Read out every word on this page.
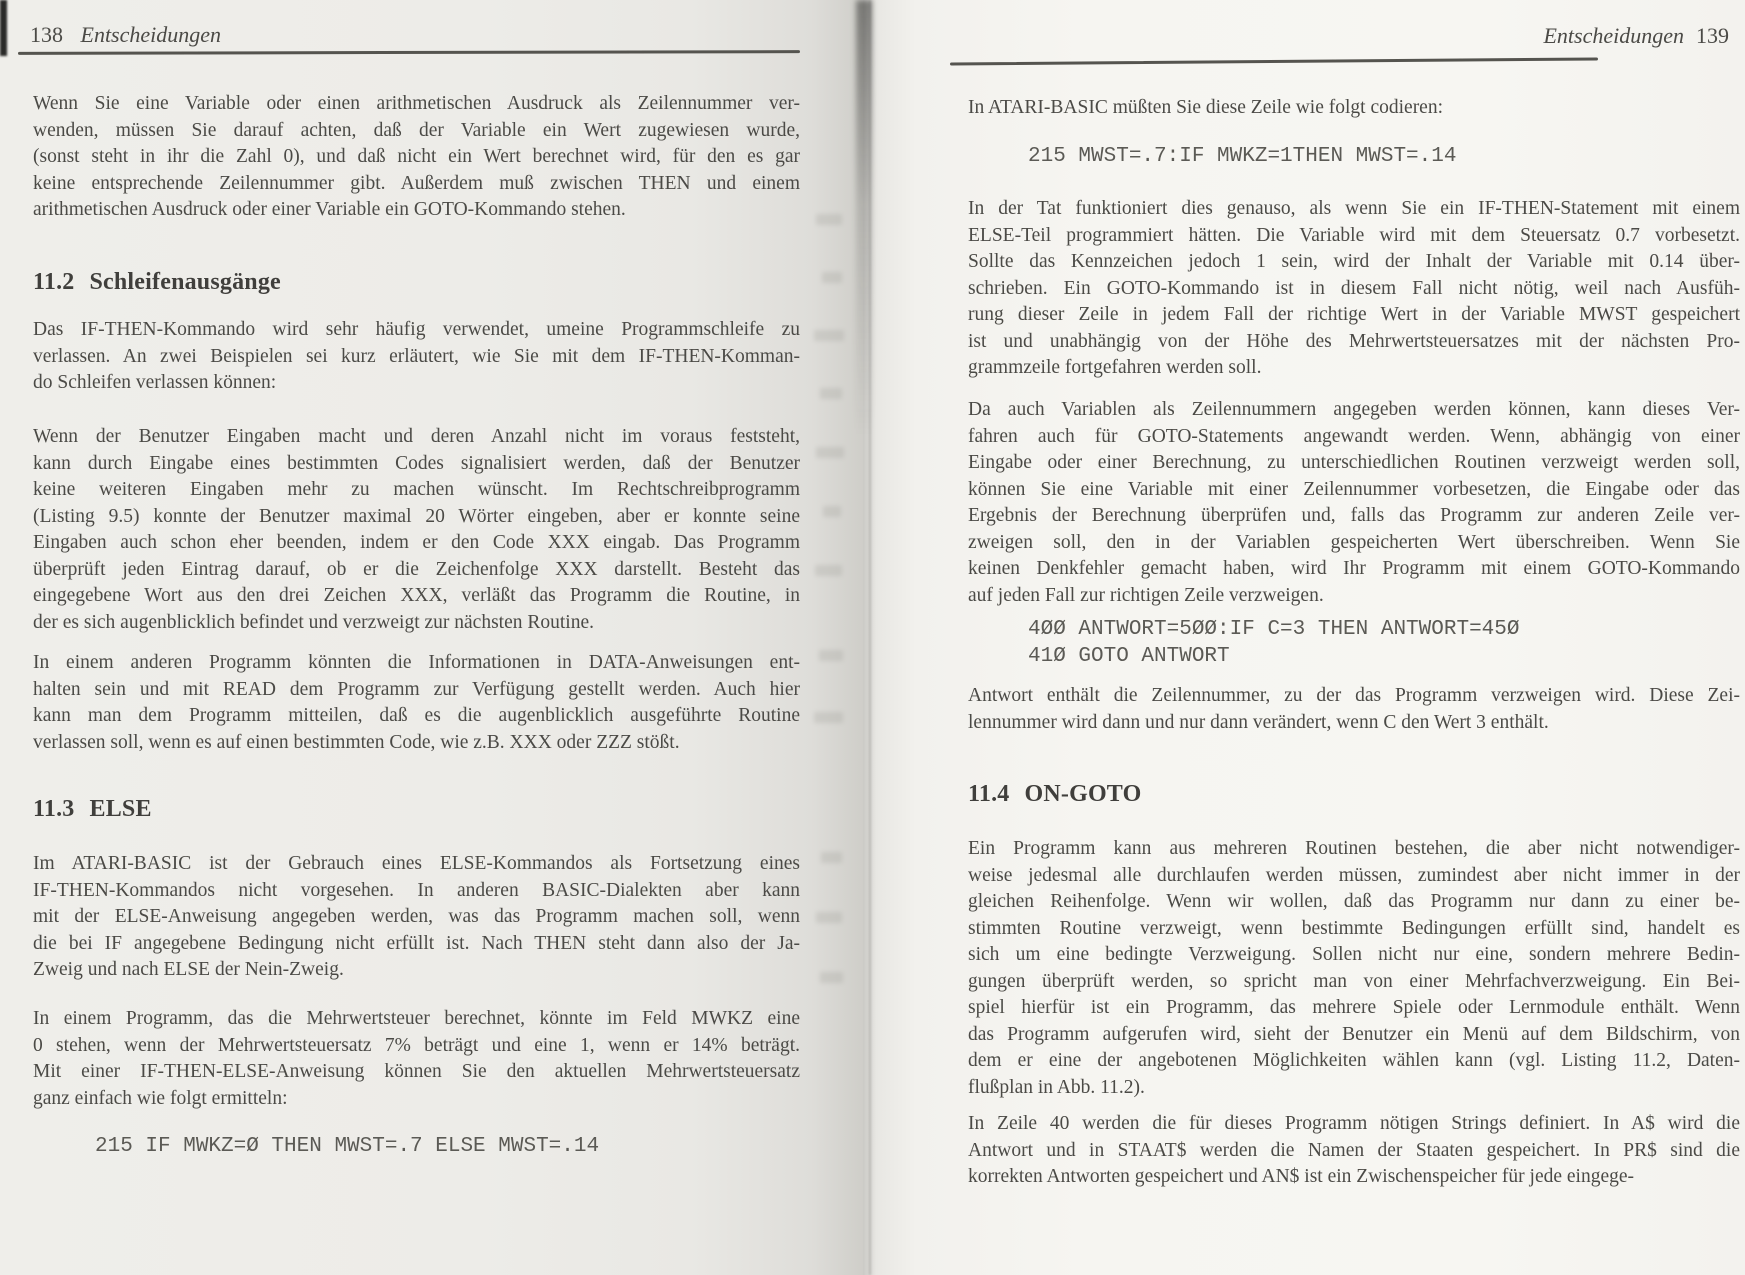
138 Entscheidungen
Wenn Sie eine Variable oder einen arithmetischen Ausdruck als Zeilennummer ver-
wenden, müssen Sie darauf achten, daß der Variable ein Wert zugewiesen wurde,
(sonst steht in ihr die Zahl 0), und daß nicht ein Wert berechnet wird, für den es gar
keine entsprechende Zeilennummer gibt. Außerdem muß zwischen THEN und einem
arithmetischen Ausdruck oder einer Variable ein GOTO-Kommando stehen.
11.2 Schleifenausgänge
Das IF-THEN-Kommando wird sehr häufig verwendet, umeine Programmschleife zu
verlassen. An zwei Beispielen sei kurz erläutert, wie Sie mit dem IF-THEN-Komman-
do Schleifen verlassen können:
Wenn der Benutzer Eingaben macht und deren Anzahl nicht im voraus feststeht,
kann durch Eingabe eines bestimmten Codes signalisiert werden, daß der Benutzer
keine weiteren Eingaben mehr zu machen wünscht. Im Rechtschreibprogramm
(Listing 9.5) konnte der Benutzer maximal 20 Wörter eingeben, aber er konnte seine
Eingaben auch schon eher beenden, indem er den Code XXX eingab. Das Programm
überprüft jeden Eintrag darauf, ob er die Zeichenfolge XXX darstellt. Besteht das
eingegebene Wort aus den drei Zeichen XXX, verläßt das Programm die Routine, in
der es sich augenblicklich befindet und verzweigt zur nächsten Routine.
In einem anderen Programm könnten die Informationen in DATA-Anweisungen ent-
halten sein und mit READ dem Programm zur Verfügung gestellt werden. Auch hier
kann man dem Programm mitteilen, daß es die augenblicklich ausgeführte Routine
verlassen soll, wenn es auf einen bestimmten Code, wie z.B. XXX oder ZZZ stößt.
11.3 ELSE
Im ATARI-BASIC ist der Gebrauch eines ELSE-Kommandos als Fortsetzung eines
IF-THEN-Kommandos nicht vorgesehen. In anderen BASIC-Dialekten aber kann
mit der ELSE-Anweisung angegeben werden, was das Programm machen soll, wenn
die bei IF angegebene Bedingung nicht erfüllt ist. Nach THEN steht dann also der Ja-
Zweig und nach ELSE der Nein-Zweig.
In einem Programm, das die Mehrwertsteuer berechnet, könnte im Feld MWKZ eine
0 stehen, wenn der Mehrwertsteuersatz 7% beträgt und eine 1, wenn er 14% beträgt.
Mit einer IF-THEN-ELSE-Anweisung können Sie den aktuellen Mehrwertsteuersatz
ganz einfach wie folgt ermitteln:
215 IF MWKZ=Ø THEN MWST=.7 ELSE MWST=.14
Entscheidungen 139
In ATARI-BASIC müßten Sie diese Zeile wie folgt codieren:
215 MWST=.7:IF MWKZ=1THEN MWST=.14
In der Tat funktioniert dies genauso, als wenn Sie ein IF-THEN-Statement mit einem
ELSE-Teil programmiert hätten. Die Variable wird mit dem Steuersatz 0.7 vorbesetzt.
Sollte das Kennzeichen jedoch 1 sein, wird der Inhalt der Variable mit 0.14 über-
schrieben. Ein GOTO-Kommando ist in diesem Fall nicht nötig, weil nach Ausfüh-
rung dieser Zeile in jedem Fall der richtige Wert in der Variable MWST gespeichert
ist und unabhängig von der Höhe des Mehrwertsteuersatzes mit der nächsten Pro-
grammzeile fortgefahren werden soll.
Da auch Variablen als Zeilennummern angegeben werden können, kann dieses Ver-
fahren auch für GOTO-Statements angewandt werden. Wenn, abhängig von einer
Eingabe oder einer Berechnung, zu unterschiedlichen Routinen verzweigt werden soll,
können Sie eine Variable mit einer Zeilennummer vorbesetzen, die Eingabe oder das
Ergebnis der Berechnung überprüfen und, falls das Programm zur anderen Zeile ver-
zweigen soll, den in der Variablen gespeicherten Wert überschreiben. Wenn Sie
keinen Denkfehler gemacht haben, wird Ihr Programm mit einem GOTO-Kommando
auf jeden Fall zur richtigen Zeile verzweigen.
4ØØ ANTWORT=5ØØ:IF C=3 THEN ANTWORT=45Ø
41Ø GOTO ANTWORT
Antwort enthält die Zeilennummer, zu der das Programm verzweigen wird. Diese Zei-
lennummer wird dann und nur dann verändert, wenn C den Wert 3 enthält.
11.4 ON-GOTO
Ein Programm kann aus mehreren Routinen bestehen, die aber nicht notwendiger-
weise jedesmal alle durchlaufen werden müssen, zumindest aber nicht immer in der
gleichen Reihenfolge. Wenn wir wollen, daß das Programm nur dann zu einer be-
stimmten Routine verzweigt, wenn bestimmte Bedingungen erfüllt sind, handelt es
sich um eine bedingte Verzweigung. Sollen nicht nur eine, sondern mehrere Bedin-
gungen überprüft werden, so spricht man von einer Mehrfachverzweigung. Ein Bei-
spiel hierfür ist ein Programm, das mehrere Spiele oder Lernmodule enthält. Wenn
das Programm aufgerufen wird, sieht der Benutzer ein Menü auf dem Bildschirm, von
dem er eine der angebotenen Möglichkeiten wählen kann (vgl. Listing 11.2, Daten-
flußplan in Abb. 11.2).
In Zeile 40 werden die für dieses Programm nötigen Strings definiert. In A$ wird die
Antwort und in STAAT$ werden die Namen der Staaten gespeichert. In PR$ sind die
korrekten Antworten gespeichert und AN$ ist ein Zwischenspeicher für jede eingege-
